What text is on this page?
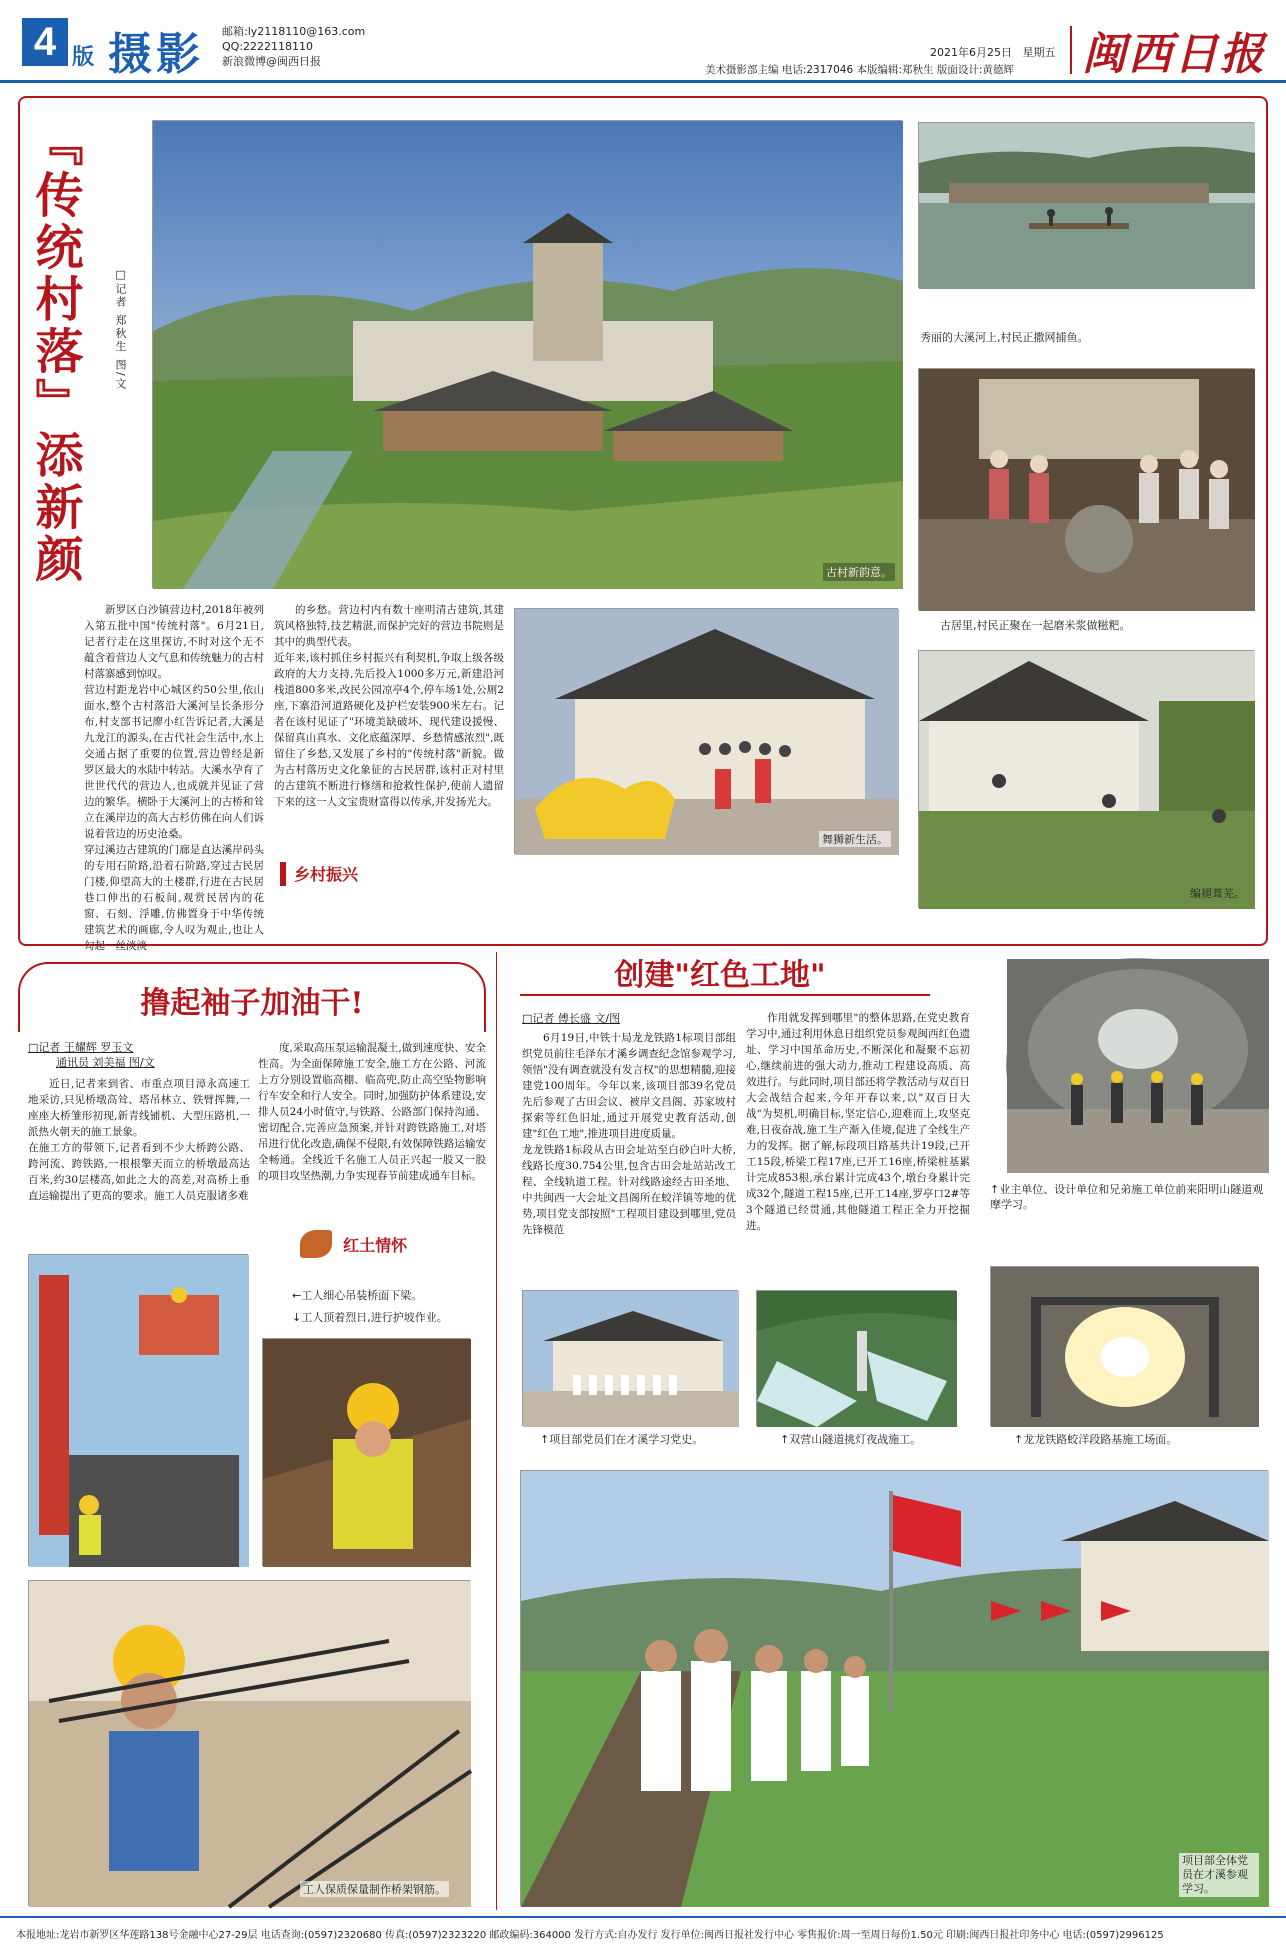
4 版 摄影 邮箱:ly2118110@163.com
QQ:2222118110
新浪微博@闽西日报
2021年6月25日 星期五
美术摄影部主编 电话:2317046 本版编辑:郑秋生 版面设计:黄德辉 闽西日报
『传统村落』添新颜	□记者 郑秋生 图/文
古村新韵意。
秀丽的大溪河上,村民正撒网捕鱼。
古居里,村民正聚在一起磨米浆做糍粑。
编褪葺芜。
舞狮新生活。

新罗区白沙镇营边村,2018年被列入第五批中国"传统村落"。6月21日,记者行走在这里探访,不时对这个无不蕴含着营边人文气息和传统魅力的古村村落寨感到惊叹。
营边村距龙岩中心城区约50公里,依山面水,整个古村落沿大溪河呈长条形分布,村支部书记廖小红告诉记者,大溪是九龙江的源头,在古代社会生活中,水上交通占据了重要的位置,营边曾经是新罗区最大的水陆中转站。大溪水孕育了世世代代的营边人,也成就并见证了营边的繁华。横卧于大溪河上的古桥和耸立在溪岸边的高大古杉仿佛在向人们诉说着营边的历史沧桑。
穿过溪边古建筑的门廊是直达溪岸码头的专用石阶路,沿着石阶路,穿过古民居门楼,仰望高大的土楼群,行进在古民居巷口伸出的石板间,观赏民居内的花窗、石刻、浮雕,仿佛置身于中华传统建筑艺术的画廊,令人叹为观止,也让人勾起一丝淡淡

的乡愁。营边村内有数十座明清古建筑,其建筑风格独特,技艺精湛,而保护完好的营边书院则是其中的典型代表。
近年来,该村抓住乡村振兴有利契机,争取上级各级政府的大力支持,先后投入1000多万元,新建沿河栈道800多米,改民公园凉亭4个,停车场1处,公厕2座,下寨沿河道路硬化及护栏安装900米左右。记者在该村见证了"环境美缺破坏、现代建设援慢、保留真山真水、文化底蕴深厚、乡愁情感浓烈",既留住了乡愁,又发展了乡村的"传统村落"新貌。做为古村落历史文化象征的古民居群,该村正对村里的古建筑不断进行修缮和抢救性保护,使前人遗留下来的这一人文宝贵财富得以传承,并发扬光大。

乡村振兴
撸起袖子加油干!
□记者 王耀辉 罗玉文
通讯员 刘美福 图/文

近日,记者来到省、市重点项目漳永高速工地采访,只见桥墩高耸、塔吊林立、铁臂挥舞,一座座大桥雏形初现,新青线铺机、大型压路机,一派热火朝天的施工景象。
在施工方的带领下,记者看到不少大桥跨公路、跨河流、跨铁路,一根根擎天而立的桥墩最高达百米,约30层楼高,如此之大的高差,对高桥上垂直运输提出了更高的要求。施工人员克服诸多难

度,采取高压泵运输混凝土,做到速度快、安全性高。为全面保障施工安全,施工方在公路、河流上方分别设置临高棚、临高兜,防止高空坠物影响行车安全和行人安全。同时,加强防护体系建设,安排人员24小时值守,与铁路、公路部门保持沟通、密切配合,完善应急预案,并针对跨铁路施工,对塔吊进行优化改造,确保不侵限,有效保障铁路运输安全畅通。全线近千名施工人员正兴起一股又一股的项目攻坚热潮,力争实现春节前建成通车目标。

红土情怀
←工人细心吊装桥面下梁。
↓工人顶着烈日,进行护坡作业。
工人保质保量制作桥架钢筋。
创建"红色工地"
□记者 傅长盛 文/图

6月19日,中铁十局龙龙铁路1标项目部组织党员前往毛泽东才溪乡调查纪念馆参观学习,领悟"没有调查就没有发言权"的思想精髓,迎接建党100周年。今年以来,该项目部39名党员先后参观了古田会议、被岸文昌阁、苏家坡村探索等红色旧址,通过开展党史教育活动,创建"红色工地",推进项目进度质量。
龙龙铁路1标段从古田会址站至白砂白叶大桥,线路长度30.754公里,包含古田会址站站改工程、全线轨道工程。针对线路途经古田圣地、中共闽西一大会址文昌阁所在蛟洋镇等地的优势,项目党支部按照"工程项目建设到哪里,党员先锋模范

作用就发挥到哪里"的整体思路,在党史教育学习中,通过利用休息日组织党员参观闽西红色遗址、学习中国革命历史,不断深化和凝聚不忘初心,继续前进的强大动力,推动工程建设高质、高效进行。与此同时,项目部还将学教活动与双百日大会战结合起来,今年开春以来,以"双百日大战"为契机,明确目标,坚定信心,迎难而上,攻坚克难,日夜奋战,施工生产渐入佳境,促进了全线生产力的发挥。据了解,标段项目路基共计19段,已开工15段,桥梁工程17座,已开工16座,桥梁桩基累计完成853根,承台累计完成43个,墩台身累计完成32个,隧道工程15座,已开工14座,罗亭口2#等3个隧道已经贯通,其他隧道工程正全力开挖掘进。

↑业主单位、设计单位和兄弟施工单位前来阳明山隧道观摩学习。
↑项目部党员们在才溪学习党史。	↑双营山隧道挑灯夜战施工。	↑龙龙铁路蛟洋段路基施工场面。
项目部全体党员在才溪参观学习。
本报地址:龙岩市新罗区华莲路138号金融中心27-29层 电话查询:(0597)2320680 传真:(0597)2323220 邮政编码:364000 发行方式:自办发行 发行单位:闽西日报社发行中心 零售报价:周一至周日每份1.50元 印刷:闽西日报社印务中心 电话:(0597)2996125
